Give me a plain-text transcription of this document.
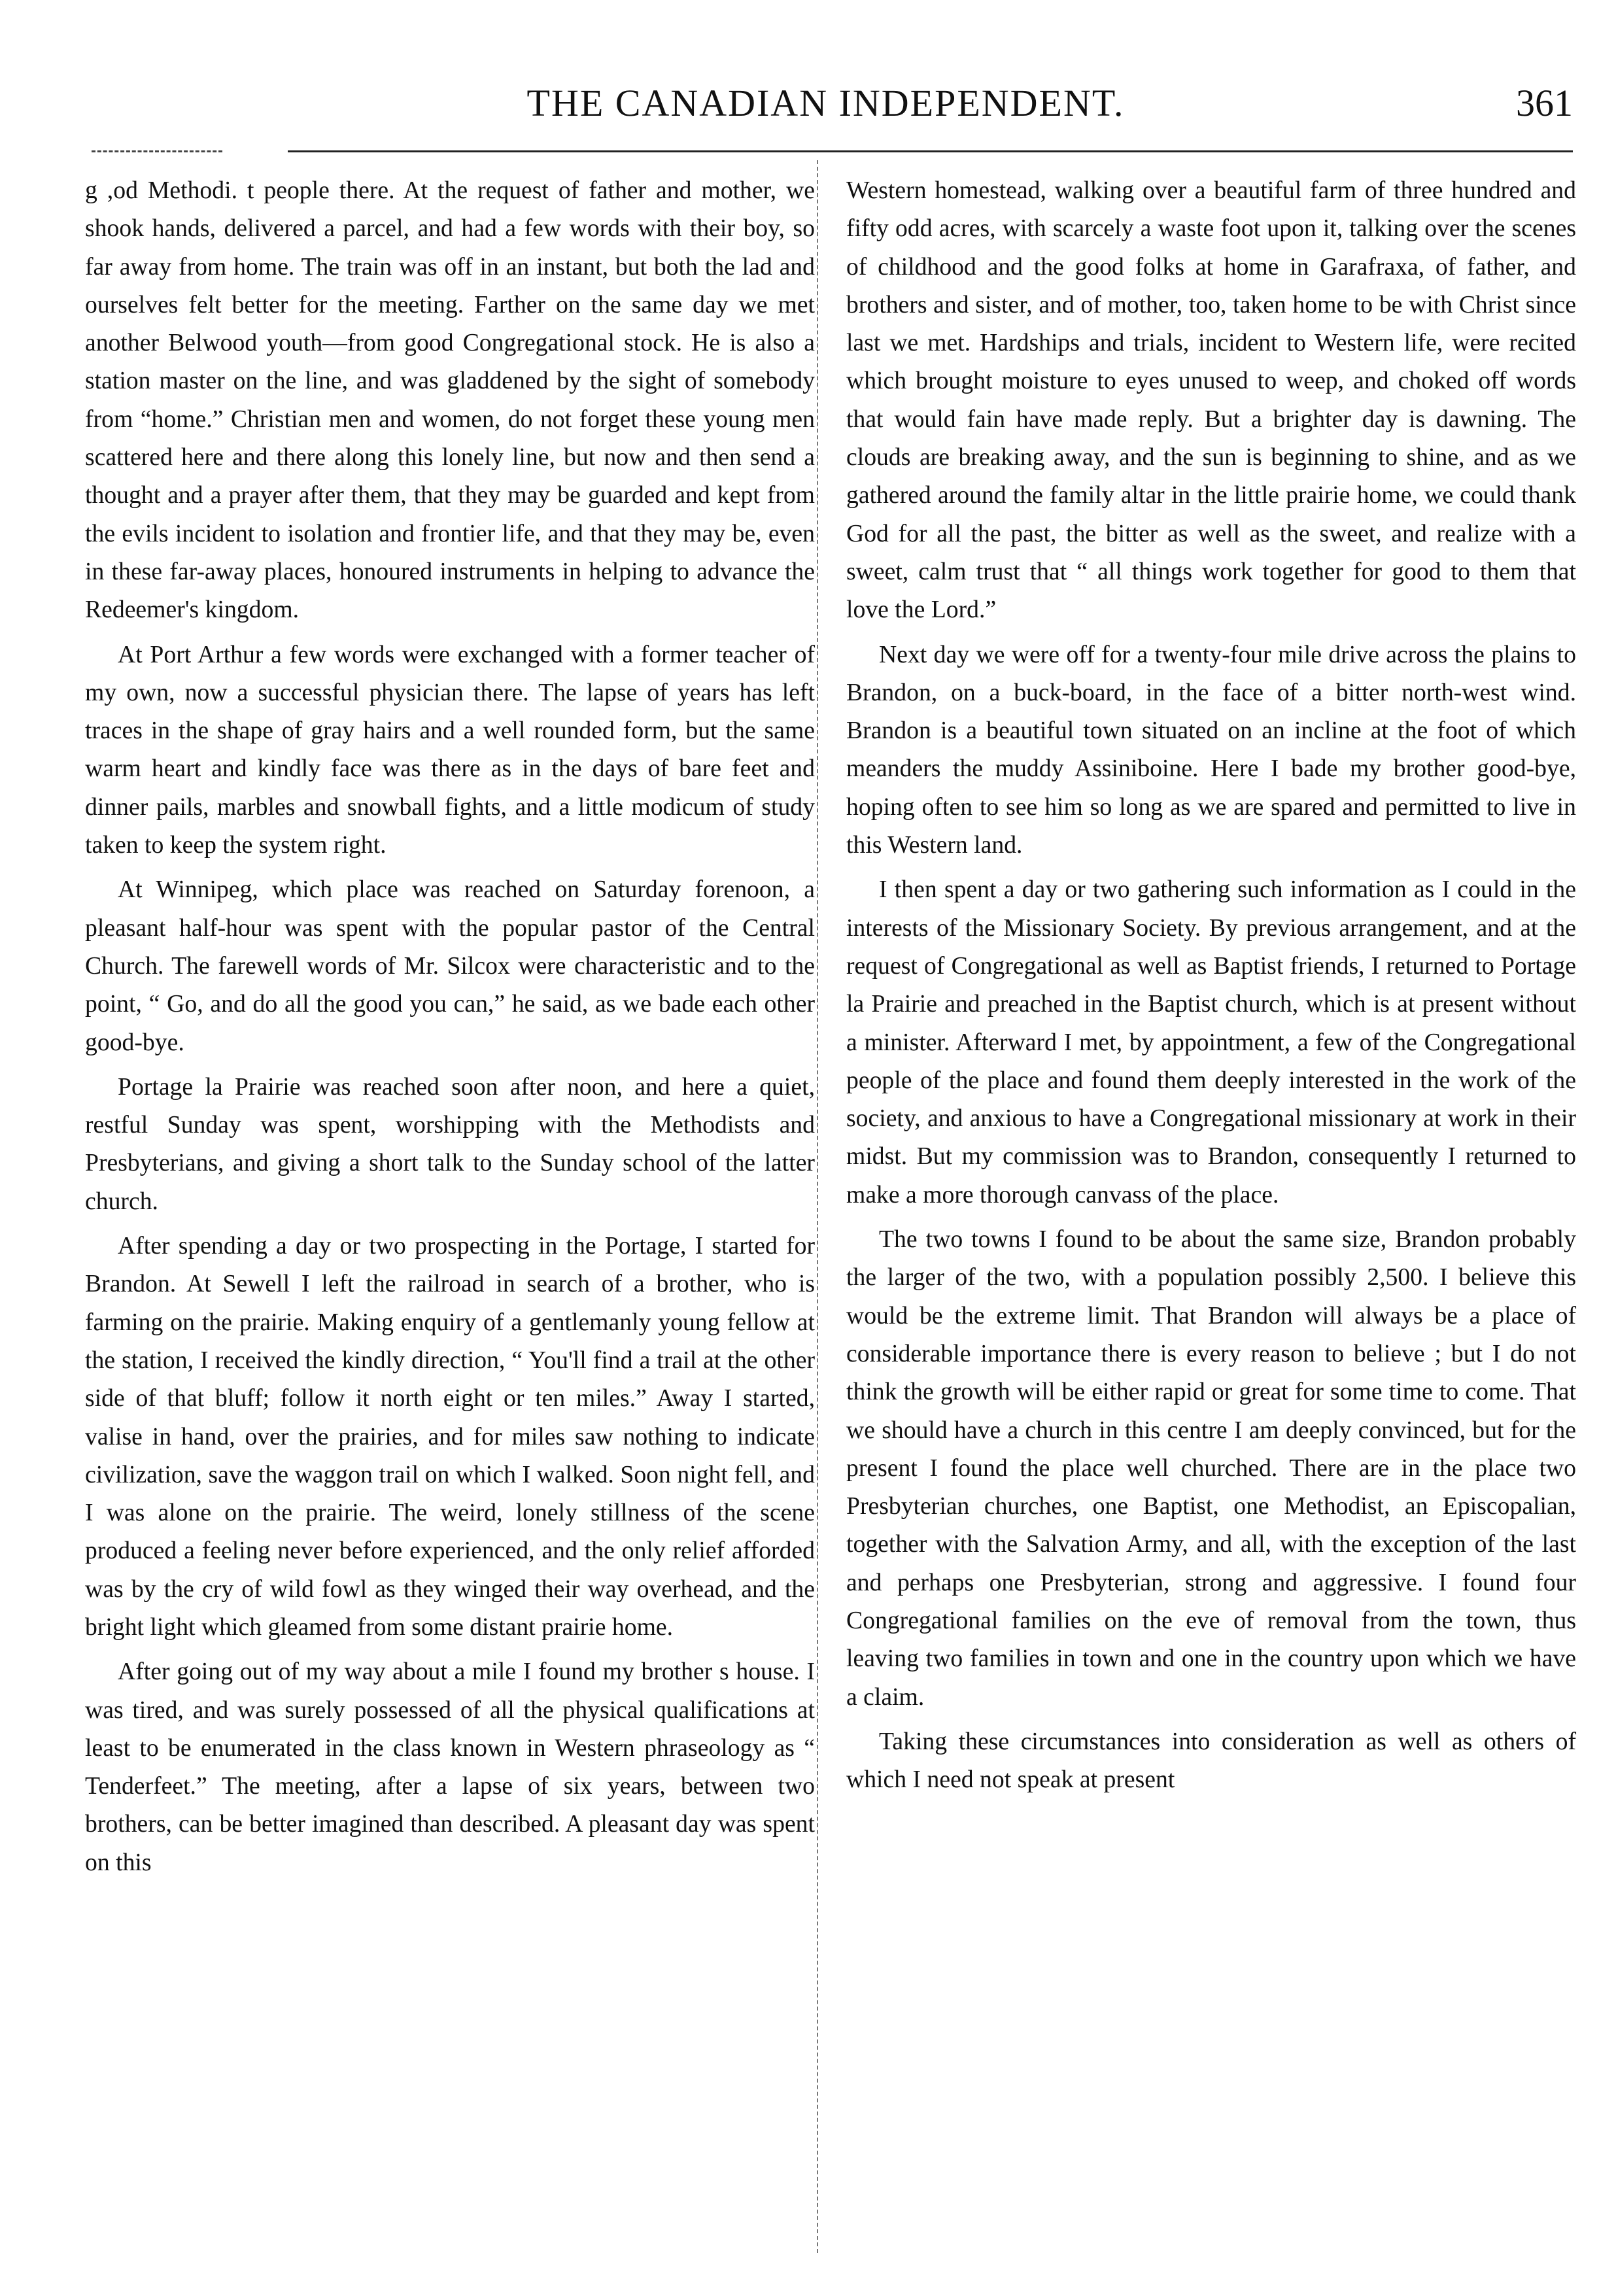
THE CANADIAN INDEPENDENT.	361

g ,od Methodi. t people there. At the request of father and mother, we shook hands, delivered a parcel, and had a few words with their boy, so far away from home. The train was off in an instant, but both the lad and ourselves felt better for the meeting. Farther on the same day we met another Belwood youth—from good Congregational stock. He is also a station master on the line, and was gladdened by the sight of somebody from “home.” Christian men and women, do not forget these young men scattered here and there along this lonely line, but now and then send a thought and a prayer after them, that they may be guarded and kept from the evils incident to isolation and frontier life, and that they may be, even in these far-away places, honoured instruments in helping to advance the Redeemer's kingdom.

At Port Arthur a few words were exchanged with a former teacher of my own, now a successful physician there. The lapse of years has left traces in the shape of gray hairs and a well rounded form, but the same warm heart and kindly face was there as in the days of bare feet and dinner pails, marbles and snowball fights, and a little modicum of study taken to keep the system right.

At Winnipeg, which place was reached on Saturday forenoon, a pleasant half-hour was spent with the popular pastor of the Central Church. The farewell words of Mr. Silcox were characteristic and to the point, “ Go, and do all the good you can,” he said, as we bade each other good-bye.

Portage la Prairie was reached soon after noon, and here a quiet, restful Sunday was spent, worshipping with the Methodists and Presbyterians, and giving a short talk to the Sunday school of the latter church.

After spending a day or two prospecting in the Portage, I started for Brandon. At Sewell I left the railroad in search of a brother, who is farming on the prairie. Making enquiry of a gentlemanly young fellow at the station, I received the kindly direction, “ You'll find a trail at the other side of that bluff; follow it north eight or ten miles.” Away I started, valise in hand, over the prairies, and for miles saw nothing to indicate civilization, save the waggon trail on which I walked. Soon night fell, and I was alone on the prairie. The weird, lonely stillness of the scene produced a feeling never before experienced, and the only relief afforded was by the cry of wild fowl as they winged their way overhead, and the bright light which gleamed from some distant prairie home.

After going out of my way about a mile I found my brother s house. I was tired, and was surely possessed of all the physical qualifications at least to be enumerated in the class known in Western phraseology as “ Tenderfeet.” The meeting, after a lapse of six years, between two brothers, can be better imagined than described. A pleasant day was spent on this

Western homestead, walking over a beautiful farm of three hundred and fifty odd acres, with scarcely a waste foot upon it, talking over the scenes of childhood and the good folks at home in Garafraxa, of father, and brothers and sister, and of mother, too, taken home to be with Christ since last we met. Hardships and trials, incident to Western life, were recited which brought moisture to eyes unused to weep, and choked off words that would fain have made reply. But a brighter day is dawning. The clouds are breaking away, and the sun is beginning to shine, and as we gathered around the family altar in the little prairie home, we could thank God for all the past, the bitter as well as the sweet, and realize with a sweet, calm trust that “ all things work together for good to them that love the Lord.”

Next day we were off for a twenty-four mile drive across the plains to Brandon, on a buck-board, in the face of a bitter north-west wind. Brandon is a beautiful town situated on an incline at the foot of which meanders the muddy Assiniboine. Here I bade my brother good-bye, hoping often to see him so long as we are spared and permitted to live in this Western land.

I then spent a day or two gathering such information as I could in the interests of the Missionary Society. By previous arrangement, and at the request of Congregational as well as Baptist friends, I returned to Portage la Prairie and preached in the Baptist church, which is at present without a minister. Afterward I met, by appointment, a few of the Congregational people of the place and found them deeply interested in the work of the society, and anxious to have a Congregational missionary at work in their midst. But my commission was to Brandon, consequently I returned to make a more thorough canvass of the place.

The two towns I found to be about the same size, Brandon probably the larger of the two, with a population possibly 2,500. I believe this would be the extreme limit. That Brandon will always be a place of considerable importance there is every reason to believe ; but I do not think the growth will be either rapid or great for some time to come. That we should have a church in this centre I am deeply convinced, but for the present I found the place well churched. There are in the place two Presbyterian churches, one Baptist, one Methodist, an Episcopalian, together with the Salvation Army, and all, with the exception of the last and perhaps one Presbyterian, strong and aggressive. I found four Congregational families on the eve of removal from the town, thus leaving two families in town and one in the country upon which we have a claim.

Taking these circumstances into consideration as well as others of which I need not speak at present
